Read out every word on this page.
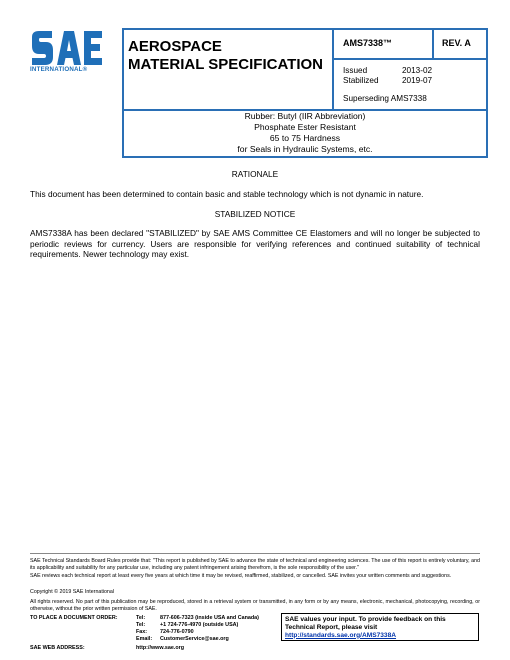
INTERNATIONAL®
AEROSPACE
MATERIAL SPECIFICATION
AMS7338™	REV. A
Issued	2013-02
Stabilized	2019-07
Superseding AMS7338
Rubber: Butyl (IIR Abbreviation)
Phosphate Ester Resistant
65 to 75 Hardness
for Seals in Hydraulic Systems, etc.
RATIONALE
This document has been determined to contain basic and stable technology which is not dynamic in nature.
STABILIZED NOTICE
AMS7338A has been declared "STABILIZED" by SAE AMS Committee CE Elastomers and will no longer be subjected to periodic reviews for currency. Users are responsible for verifying references and continued suitability of technical requirements. Newer technology may exist.
SAE Technical Standards Board Rules provide that: "This report is published by SAE to advance the state of technical and engineering sciences. The use of this report is entirely voluntary, and its applicability and suitability for any particular use, including any patent infringement arising therefrom, is the sole responsibility of the user."
SAE reviews each technical report at least every five years at which time it may be revised, reaffirmed, stabilized, or cancelled. SAE invites your written comments and suggestions.
Copyright © 2019 SAE International
All rights reserved. No part of this publication may be reproduced, stored in a retrieval system or transmitted, in any form or by any means, electronic, mechanical, photocopying, recording, or otherwise, without the prior written permission of SAE.
TO PLACE A DOCUMENT ORDER:	Tel:	877-606-7323 (inside USA and Canada)
Tel:	+1 724-776-4970 (outside USA)
Fax: 724-776-0790
Email: CustomerService@sae.org
SAE WEB ADDRESS:	http://www.sae.org
SAE values your input. To provide feedback on this
Technical Report, please visit
http://standards.sae.org/AMS7338A
